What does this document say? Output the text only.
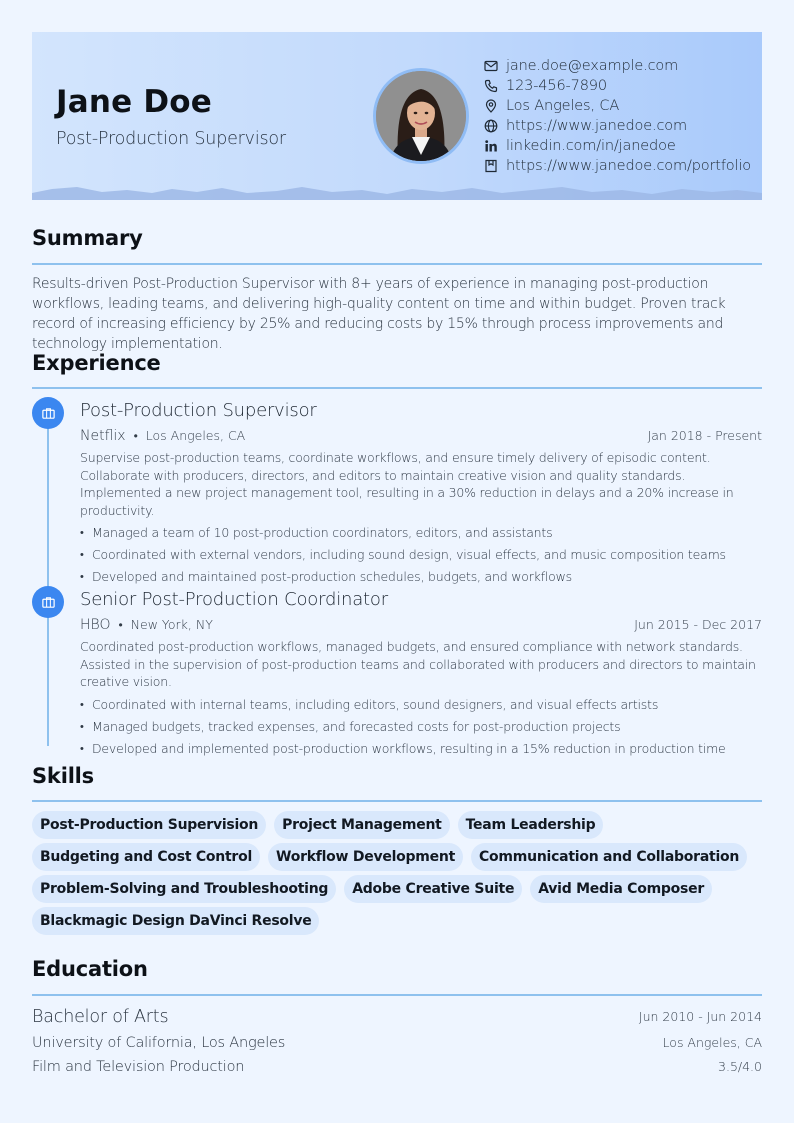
Jane Doe
Post-Production Supervisor
jane.doe@example.com
123-456-7890
Los Angeles, CA
https://www.janedoe.com
linkedin.com/in/janedoe
https://www.janedoe.com/portfolio
Summary
Results-driven Post-Production Supervisor with 8+ years of experience in managing post-production workflows, leading teams, and delivering high-quality content on time and within budget. Proven track record of increasing efficiency by 25% and reducing costs by 15% through process improvements and technology implementation.
Experience
Post-Production Supervisor
Netflix • Los Angeles, CA	Jan 2018 - Present
Supervise post-production teams, coordinate workflows, and ensure timely delivery of episodic content. Collaborate with producers, directors, and editors to maintain creative vision and quality standards. Implemented a new project management tool, resulting in a 30% reduction in delays and a 20% increase in productivity.
• Managed a team of 10 post-production coordinators, editors, and assistants
• Coordinated with external vendors, including sound design, visual effects, and music composition teams
• Developed and maintained post-production schedules, budgets, and workflows
Senior Post-Production Coordinator
HBO • New York, NY	Jun 2015 - Dec 2017
Coordinated post-production workflows, managed budgets, and ensured compliance with network standards. Assisted in the supervision of post-production teams and collaborated with producers and directors to maintain creative vision.
• Coordinated with internal teams, including editors, sound designers, and visual effects artists
• Managed budgets, tracked expenses, and forecasted costs for post-production projects
• Developed and implemented post-production workflows, resulting in a 15% reduction in production time
Skills
Post-Production Supervision	Project Management	Team Leadership
Budgeting and Cost Control	Workflow Development	Communication and Collaboration
Problem-Solving and Troubleshooting	Adobe Creative Suite	Avid Media Composer
Blackmagic Design DaVinci Resolve
Education
Bachelor of Arts	Jun 2010 - Jun 2014
University of California, Los Angeles	Los Angeles, CA
Film and Television Production	3.5/4.0
